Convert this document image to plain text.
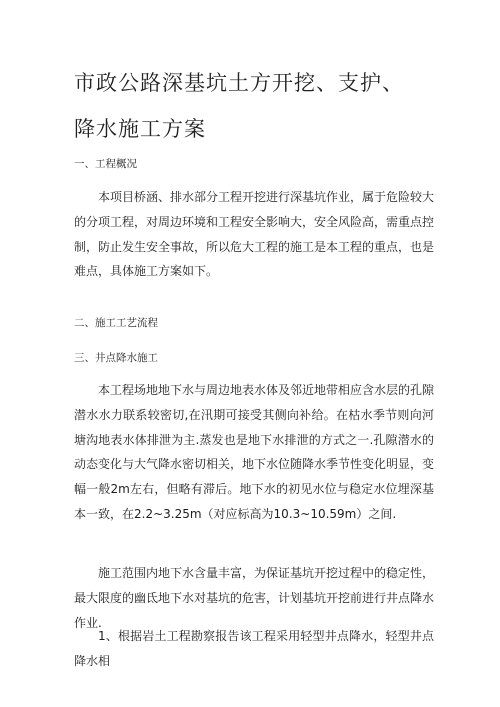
市政公路深基坑土方开挖、支护、
降水施工方案

一、工程概况

本项目桥涵、排水部分工程开挖进行深基坑作业，属于危险较大的分项工程，对周边环境和工程安全影响大，安全风险高，需重点控制，防止发生安全事故，所以危大工程的施工是本工程的重点，也是难点，具体施工方案如下。

二、施工工艺流程

三、井点降水施工

本工程场地地下水与周边地表水体及邻近地带相应含水层的孔隙潜水水力联系较密切,在汛期可接受其侧向补给。在枯水季节则向河塘沟地表水体排泄为主.蒸发也是地下水排泄的方式之一.孔隙潜水的动态变化与大气降水密切相关，地下水位随降水季节性变化明显，变幅一般2m左右，但略有滞后。地下水的初见水位与稳定水位埋深基本一致，在2.2~3.25m（对应标高为10.3~10.59m）之间.

施工范围内地下水含量丰富，为保证基坑开挖过程中的稳定性，最大限度的幽氐地下水对基坑的危害，计划基坑开挖前进行井点降水作业.

1、根据岩土工程勘察报告该工程采用轻型井点降水，轻型井点降水相
